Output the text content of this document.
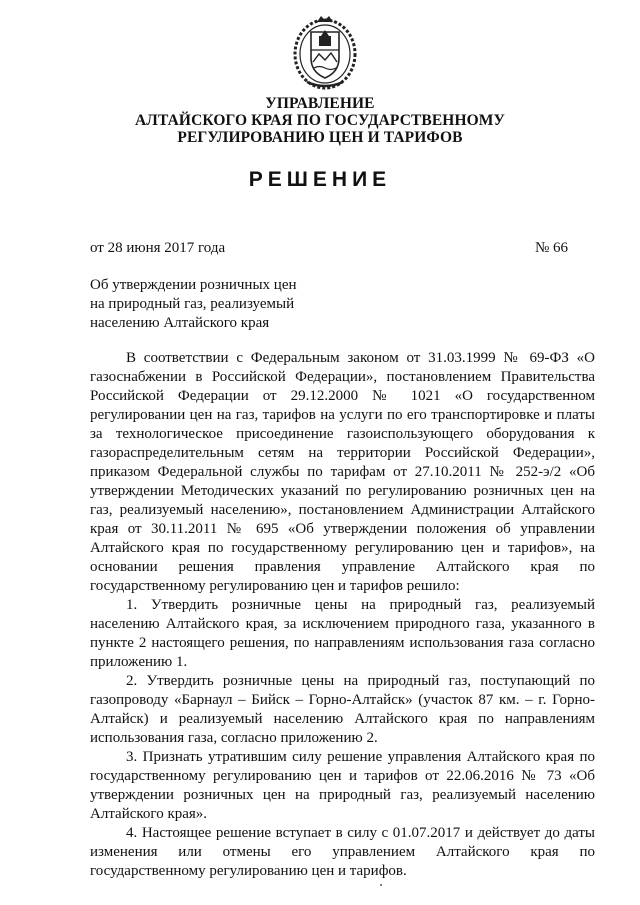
УПРАВЛЕНИЕ
АЛТАЙСКОГО КРАЯ ПО ГОСУДАРСТВЕННОМУ
РЕГУЛИРОВАНИЮ ЦЕН И ТАРИФОВ
РЕШЕНИЕ
от 28 июня 2017 года	№ 66
Об утверждении розничных цен
на природный газ, реализуемый
населению Алтайского края

В соответствии с Федеральным законом от 31.03.1999 № 69-ФЗ «О газоснабжении в Российской Федерации», постановлением Правительства Российской Федерации от 29.12.2000 № 1021 «О государственном регулировании цен на газ, тарифов на услуги по его транспортировке и платы за технологическое присоединение газоиспользующего оборудования к газораспределительным сетям на территории Российской Федерации», приказом Федеральной службы по тарифам от 27.10.2011 № 252-э/2 «Об утверждении Методических указаний по регулированию розничных цен на газ, реализуемый населению», постановлением Администрации Алтайского края от 30.11.2011 № 695 «Об утверждении положения об управлении Алтайского края по государственному регулированию цен и тарифов», на основании решения правления управление Алтайского края по государственному регулированию цен и тарифов решило:

1. Утвердить розничные цены на природный газ, реализуемый населению Алтайского края, за исключением природного газа, указанного в пункте 2 настоящего решения, по направлениям использования газа согласно приложению 1.

2. Утвердить розничные цены на природный газ, поступающий по газопроводу «Барнаул – Бийск – Горно-Алтайск» (участок 87 км. – г. Горно-Алтайск) и реализуемый населению Алтайского края по направлениям использования газа, согласно приложению 2.

3. Признать утратившим силу решение управления Алтайского края по государственному регулированию цен и тарифов от 22.06.2016 № 73 «Об утверждении розничных цен на природный газ, реализуемый населению Алтайского края».

4. Настоящее решение вступает в силу с 01.07.2017 и действует до даты изменения или отмены его управлением Алтайского края по государственному регулированию цен и тарифов.
